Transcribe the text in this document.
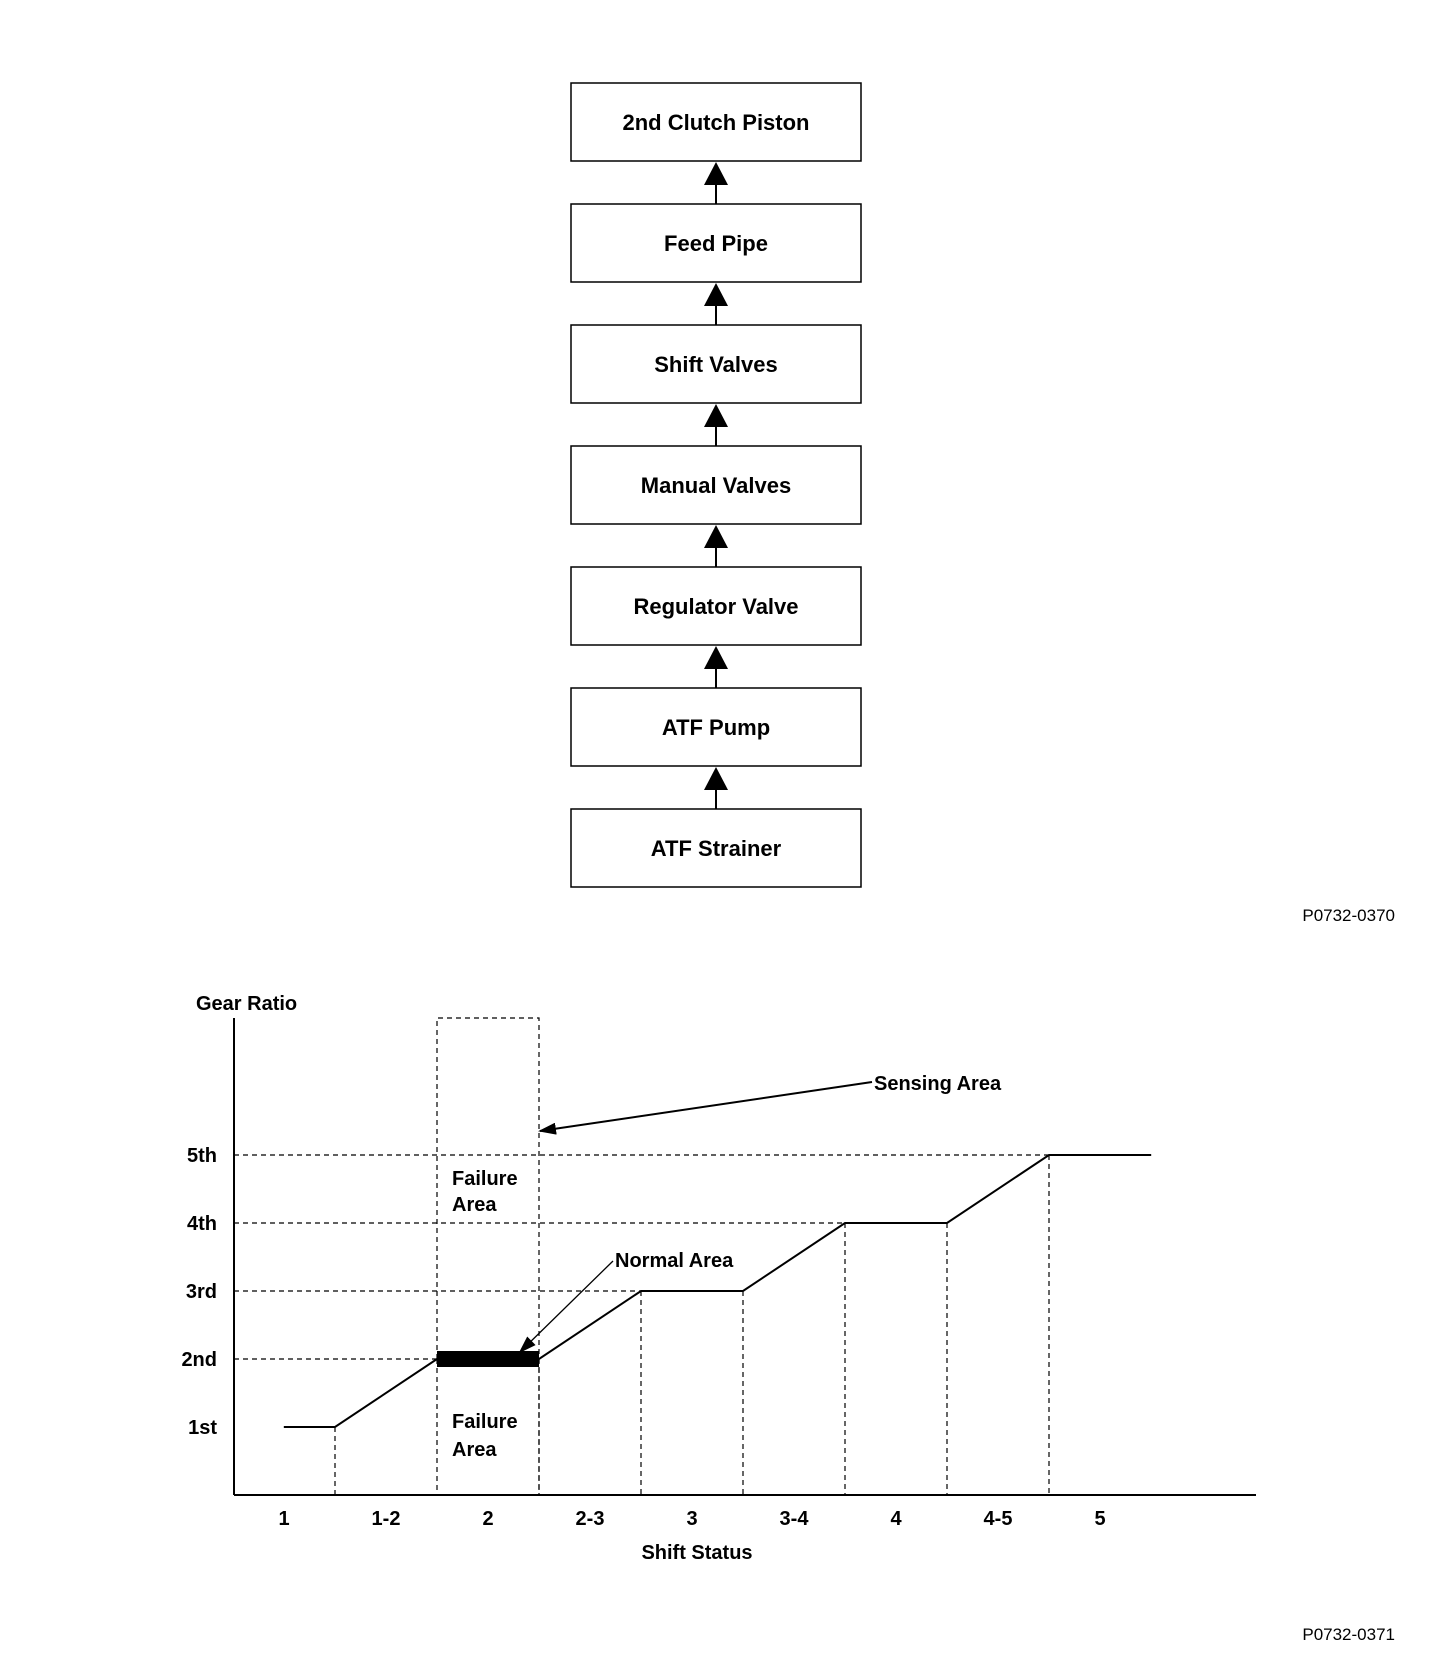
2nd Clutch Piston
Feed Pipe
Shift Valves
Manual Valves
Regulator Valve
ATF Pump
ATF Strainer
P0732-0370
1st
2nd
3rd
4th
5th
1	1-2	2	2-3	3	3-4	4	4-5	5
Gear Ratio
Shift Status
Sensing Area
Normal Area
Failure
Area
Failure
Area
P0732-0371
